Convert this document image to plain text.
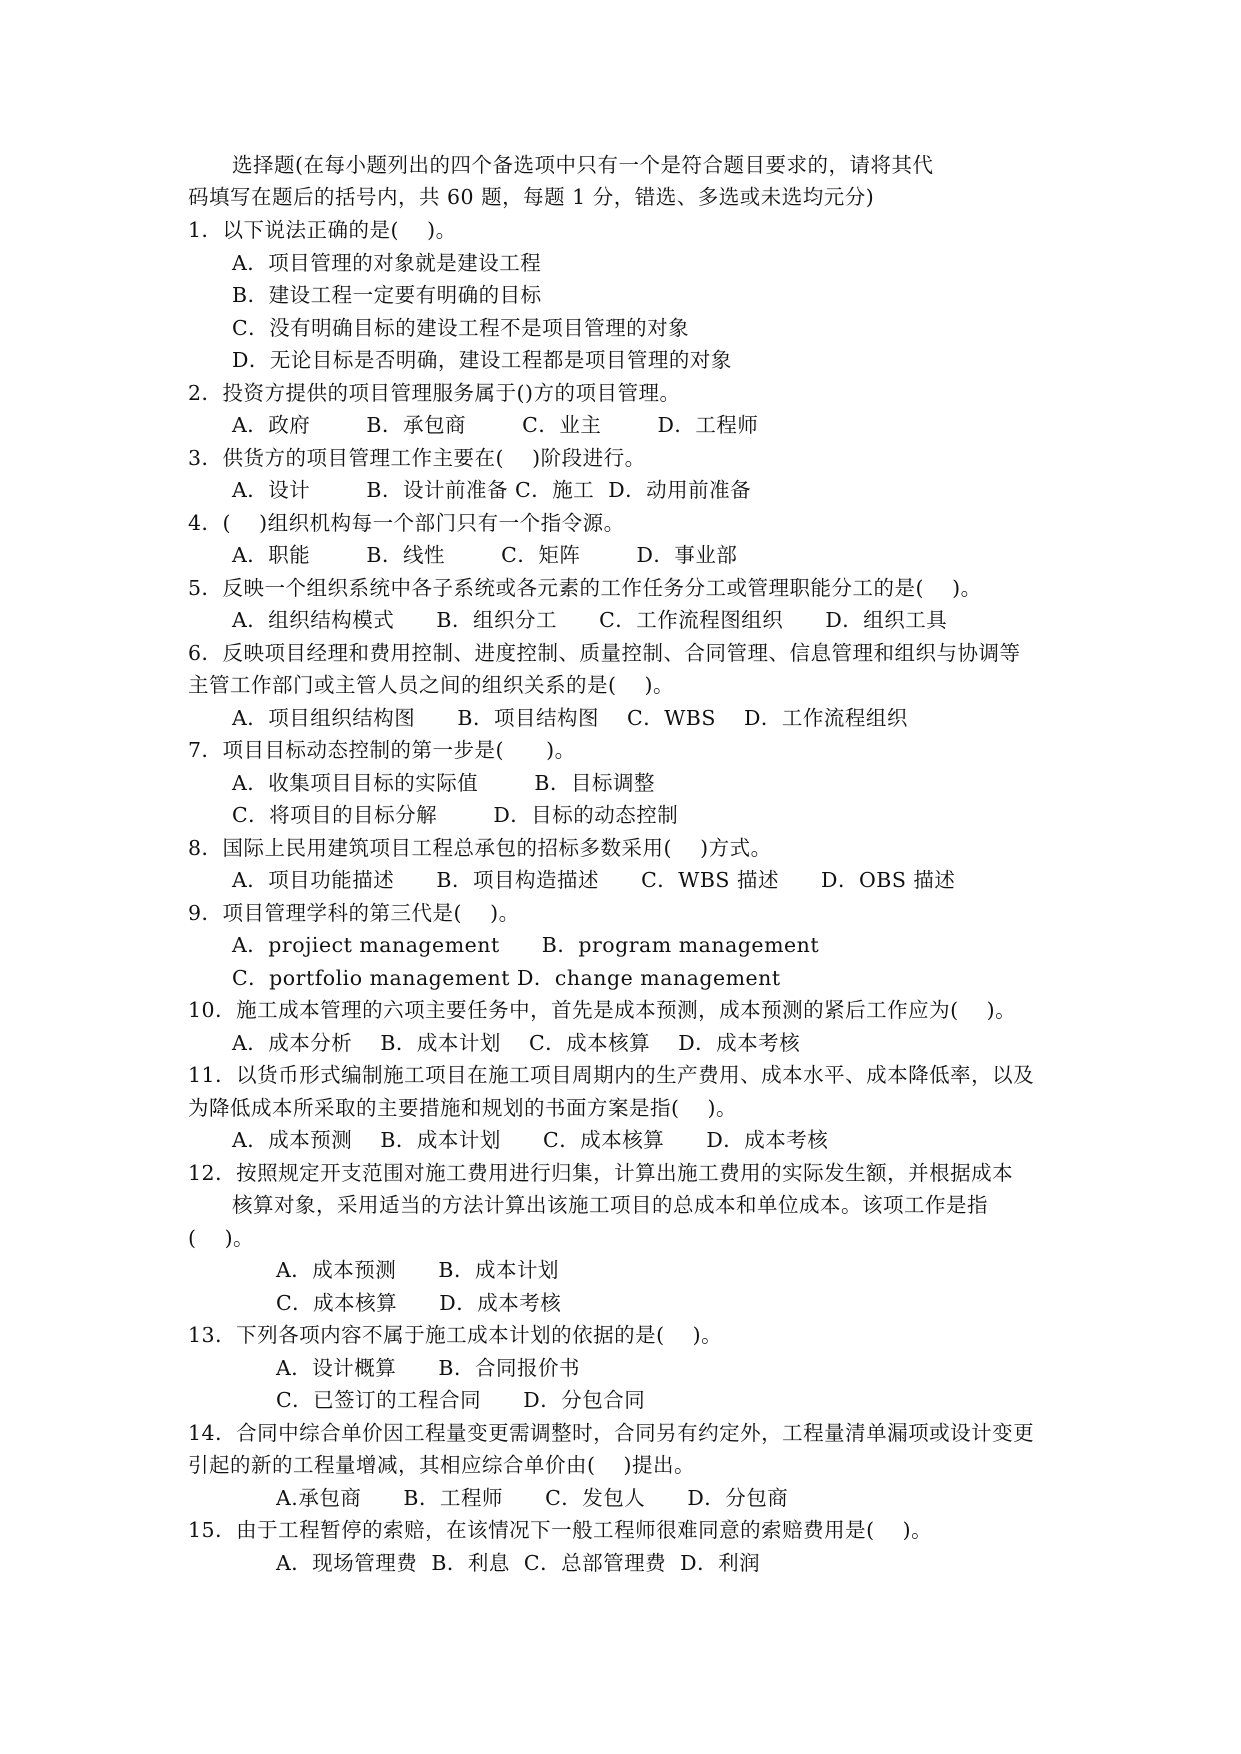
选择题(在每小题列出的四个备选项中只有一个是符合题目要求的，请将其代
码填写在题后的括号内，共 60 题，每题 1 分，错选、多选或未选均元分)
1．以下说法正确的是(    )。
A．项目管理的对象就是建设工程
B．建设工程一定要有明确的目标
C．没有明确目标的建设工程不是项目管理的对象
D．无论目标是否明确，建设工程都是项目管理的对象
2．投资方提供的项目管理服务属于()方的项目管理。
A．政府        B．承包商        C．业主        D．工程师
3．供货方的项目管理工作主要在(    )阶段进行。
A．设计        B．设计前准备 C．施工  D．动用前准备
4．(    )组织机构每一个部门只有一个指令源。
A．职能        B．线性        C．矩阵        D．事业部
5．反映一个组织系统中各子系统或各元素的工作任务分工或管理职能分工的是(    )。
A．组织结构模式      B．组织分工      C．工作流程图组织      D．组织工具
6．反映项目经理和费用控制、进度控制、质量控制、合同管理、信息管理和组织与协调等
主管工作部门或主管人员之间的组织关系的是(    )。
A．项目组织结构图      B．项目结构图    C．WBS    D．工作流程组织
7．项目目标动态控制的第一步是(      )。
A．收集项目目标的实际值        B．目标调整
C．将项目的目标分解        D．目标的动态控制
8．国际上民用建筑项目工程总承包的招标多数采用(    )方式。
A．项目功能描述      B．项目构造描述      C．WBS 描述      D．OBS 描述
9．项目管理学科的第三代是(    )。
A．projiect management      B．program management
C．portfolio management D．change management
10．施工成本管理的六项主要任务中，首先是成本预测，成本预测的紧后工作应为(    )。
A．成本分析    B．成本计划    C．成本核算    D．成本考核
11．以货币形式编制施工项目在施工项目周期内的生产费用、成本水平、成本降低率，以及
为降低成本所采取的主要措施和规划的书面方案是指(    )。
A．成本预测    B．成本计划      C．成本核算      D．成本考核
12．按照规定开支范围对施工费用进行归集，计算出施工费用的实际发生额，并根据成本
核算对象，采用适当的方法计算出该施工项目的总成本和单位成本。该项工作是指
(    )。
A．成本预测      B．成本计划
C．成本核算      D．成本考核
13．下列各项内容不属于施工成本计划的依据的是(    )。
A．设计概算      B．合同报价书
C．已签订的工程合同      D．分包合同
14．合同中综合单价因工程量变更需调整时，合同另有约定外，工程量清单漏项或设计变更
引起的新的工程量增减，其相应综合单价由(    )提出。
A.承包商      B．工程师      C．发包人      D．分包商
15．由于工程暂停的索赔，在该情况下一般工程师很难同意的索赔费用是(    )。
A．现场管理费  B．利息  C．总部管理费  D．利润
